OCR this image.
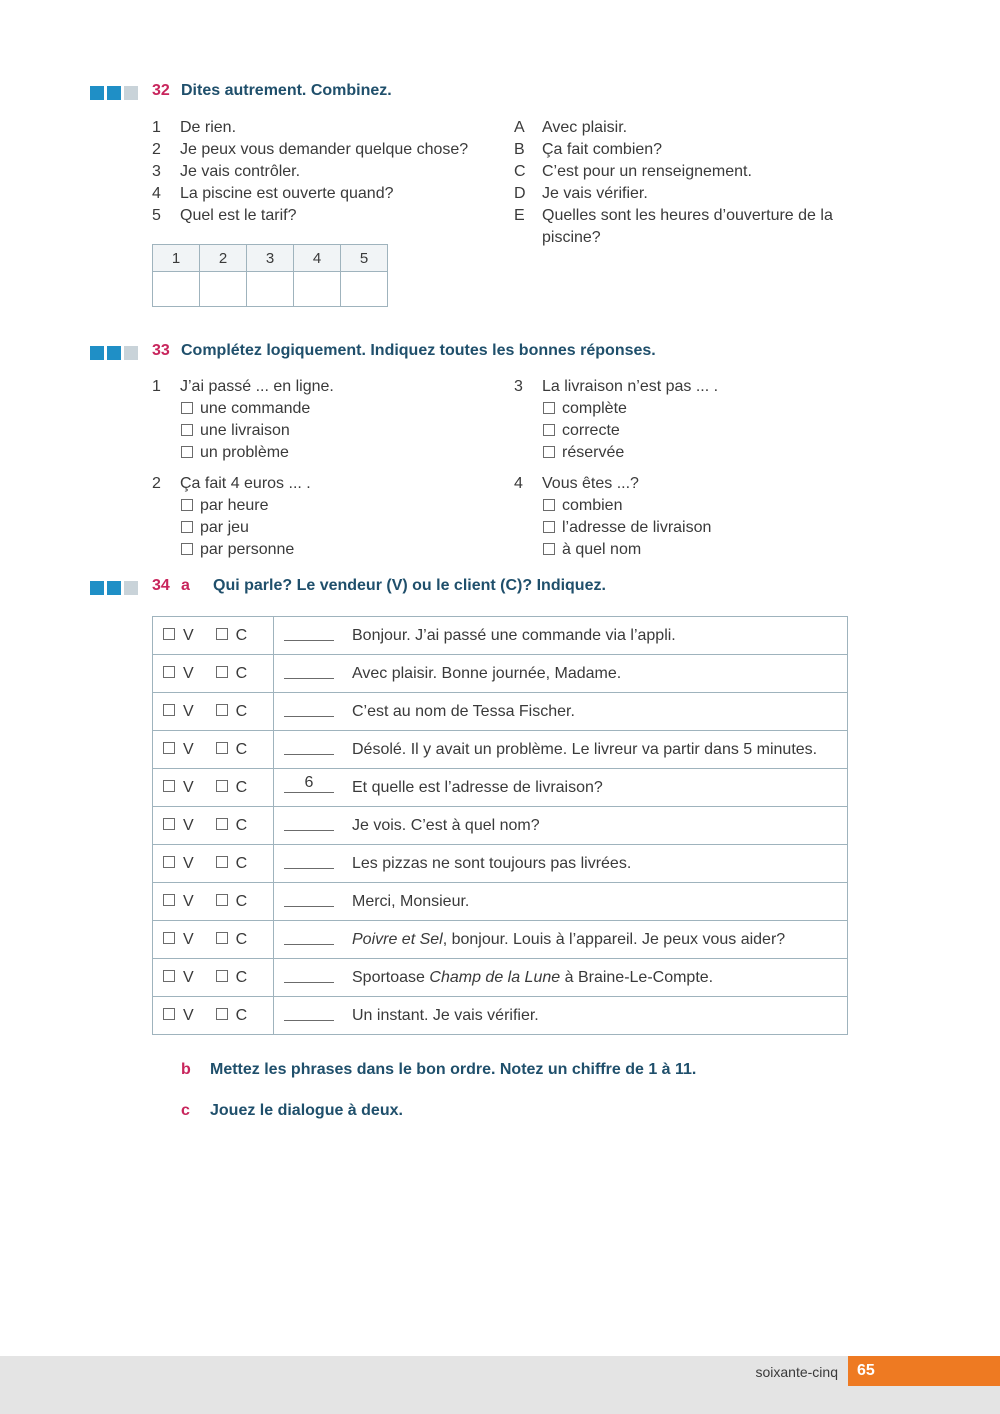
32 Dites autrement. Combinez.
1 De rien.
2 Je peux vous demander quelque chose?
3 Je vais contrôler.
4 La piscine est ouverte quand?
5 Quel est le tarif?
A Avec plaisir.
B Ça fait combien?
C C’est pour un renseignement.
D Je vais vérifier.
E Quelles sont les heures d’ouverture de la
piscine?
1	2	3	4	5

33 Complétez logiquement. Indiquez toutes les bonnes réponses.
1 J’ai passé ... en ligne.
une commande
une livraison
un problème
3 La livraison n’est pas ... .
complète
correcte
réservée
2 Ça fait 4 euros ... .
par heure
par jeu
par personne
4 Vous êtes ...?
combien
l’adresse de livraison
à quel nom
34 a Qui parle? Le vendeur (V) ou le client (C)? Indiquez.
V C	Bonjour. J’ai passé une commande via l’appli.
V C	Avec plaisir. Bonne journée, Madame.
V C	C’est au nom de Tessa Fischer.
V C	Désolé. Il y avait un problème. Le livreur va partir dans 5 minutes.
V C	6 Et quelle est l’adresse de livraison?
V C	Je vois. C’est à quel nom?
V C	Les pizzas ne sont toujours pas livrées.
V C	Merci, Monsieur.
V C	Poivre et Sel, bonjour. Louis à l’appareil. Je peux vous aider?
V C	Sportoase Champ de la Lune à Braine-Le-Compte.
V C	Un instant. Je vais vérifier.
b Mettez les phrases dans le bon ordre. Notez un chiffre de 1 à 11.
c Jouez le dialogue à deux.
soixante-cinq 65
